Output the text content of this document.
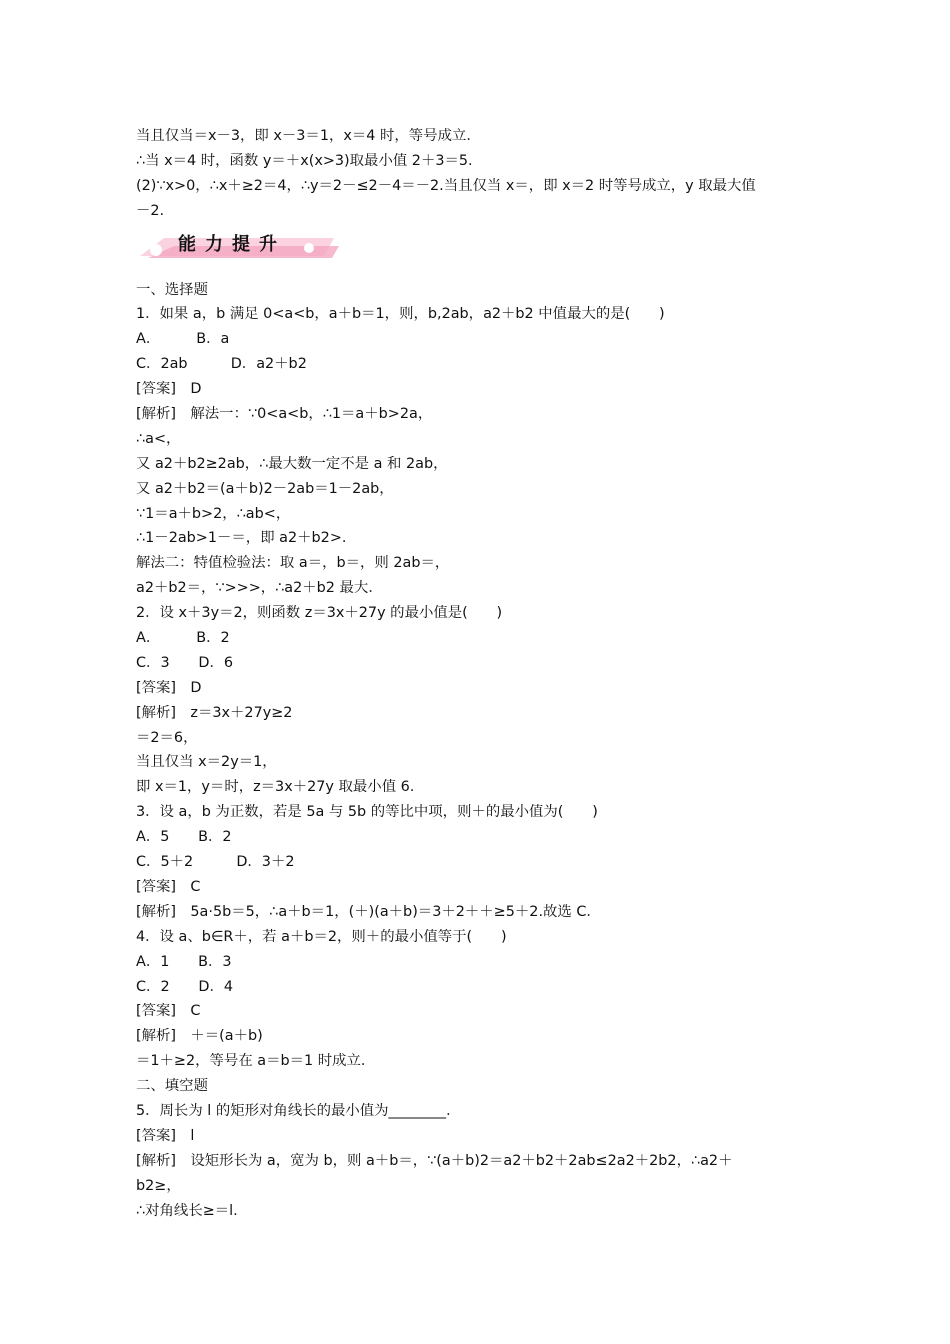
当且仅当＝x－3，即 x－3＝1，x＝4 时，等号成立．
∴当 x＝4 时，函数 y＝＋x(x>3)取最小值 2＋3＝5.
(2)∵x>0，∴x＋≥2＝4，∴y＝2－≤2－4＝－2.当且仅当 x＝，即 x＝2 时等号成立，y 取最大值
－2.
能力提升
一、选择题
1．如果 a，b 满足 0<a<b，a＋b＝1，则，b,2ab，a2＋b2 中值最大的是(　　)
A．　　　B．a
C．2ab　　　D．a2＋b2
[答案]　D
[解析]　解法一：∵0<a<b，∴1＝a＋b>2a，
∴a<，
又 a2＋b2≥2ab，∴最大数一定不是 a 和 2ab，
又 a2＋b2＝(a＋b)2－2ab＝1－2ab，
∵1＝a＋b>2，∴ab<，
∴1－2ab>1－＝，即 a2＋b2>.
解法二：特值检验法：取 a＝，b＝，则 2ab＝，
a2＋b2＝，∵>>>，∴a2＋b2 最大．
2．设 x＋3y＝2，则函数 z＝3x＋27y 的最小值是(　　)
A．　　　B．2
C．3　　D．6
[答案]　D
[解析]　z＝3x＋27y≥2
＝2＝6，
当且仅当 x＝2y＝1，
即 x＝1，y＝时，z＝3x＋27y 取最小值 6.
3．设 a，b 为正数，若是 5a 与 5b 的等比中项，则＋的最小值为(　　)
A．5　　B．2
C．5＋2　　　D．3＋2
[答案]　C
[解析]　5a·5b＝5，∴a＋b＝1，(＋)(a＋b)＝3＋2＋＋≥5＋2.故选 C．
4．设 a、b∈R＋，若 a＋b＝2，则＋的最小值等于(　　)
A．1　　B．3
C．2　　D．4
[答案]　C
[解析]　＋＝(a＋b)
＝1＋≥2，等号在 a＝b＝1 时成立．
二、填空题
5．周长为 l 的矩形对角线长的最小值为________．
[答案]　l
[解析]　设矩形长为 a，宽为 b，则 a＋b＝，∵(a＋b)2＝a2＋b2＋2ab≤2a2＋2b2，∴a2＋
b2≥，
∴对角线长≥＝l.
